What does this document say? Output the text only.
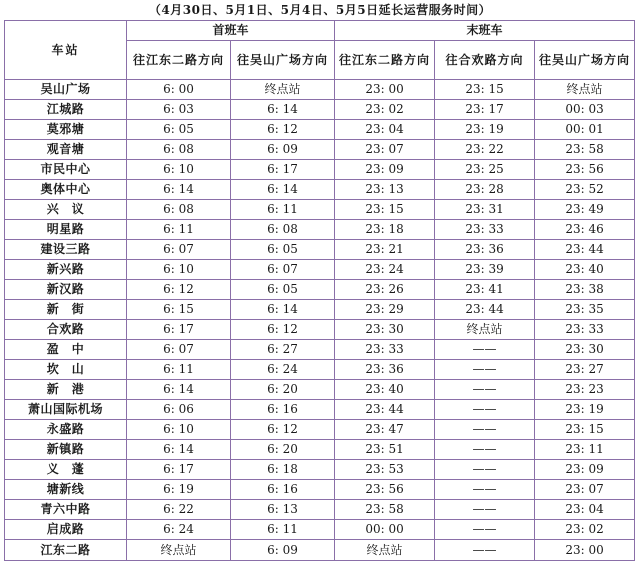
（4月30日、5月1日、5月4日、5月5日延长运营服务时间）
车站	首班车		末班车		
	往江东二路方向	往吴山广场方向	往江东二路方向	往合欢路方向	往吴山广场方向
吴山广场	6: 00	终点站	23: 00	23: 15	终点站
江城路	6: 03	6: 14	23: 02	23: 17	00: 03
莫邪塘	6: 05	6: 12	23: 04	23: 19	00: 01
观音塘	6: 08	6: 09	23: 07	23: 22	23: 58
市民中心	6: 10	6: 17	23: 09	23: 25	23: 56
奥体中心	6: 14	6: 14	23: 13	23: 28	23: 52
兴　议	6: 08	6: 11	23: 15	23: 31	23: 49
明星路	6: 11	6: 08	23: 18	23: 33	23: 46
建设三路	6: 07	6: 05	23: 21	23: 36	23: 44
新兴路	6: 10	6: 07	23: 24	23: 39	23: 40
新汉路	6: 12	6: 05	23: 26	23: 41	23: 38
新　街	6: 15	6: 14	23: 29	23: 44	23: 35
合欢路	6: 17	6: 12	23: 30	终点站	23: 33
盈　中	6: 07	6: 27	23: 33	——	23: 30
坎　山	6: 11	6: 24	23: 36	——	23: 27
新　港	6: 14	6: 20	23: 40	——	23: 23
萧山国际机场	6: 06	6: 16	23: 44	——	23: 19
永盛路	6: 10	6: 12	23: 47	——	23: 15
新镇路	6: 14	6: 20	23: 51	——	23: 11
义　蓬	6: 17	6: 18	23: 53	——	23: 09
塘新线	6: 19	6: 16	23: 56	——	23: 07
青六中路	6: 22	6: 13	23: 58	——	23: 04
启成路	6: 24	6: 11	00: 00	——	23: 02
江东二路	终点站	6: 09	终点站	——	23: 00
